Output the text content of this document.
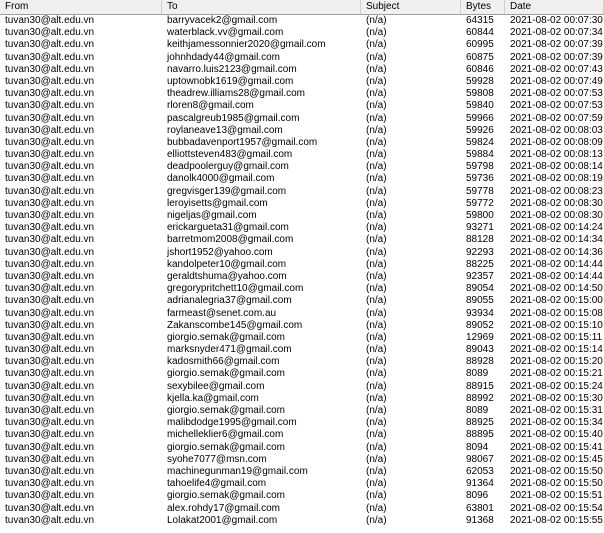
From	To	Subject	Bytes	Date
tuvan30@alt.edu.vn	barryvacek2@gmail.com	(n/a)	64315	2021-08-02 00:07:30
tuvan30@alt.edu.vn	waterblack.vv@gmail.com	(n/a)	60844	2021-08-02 00:07:34
tuvan30@alt.edu.vn	keithjamessonnier2020@gmail.com	(n/a)	60995	2021-08-02 00:07:39
tuvan30@alt.edu.vn	johnhdady44@gmail.com	(n/a)	60875	2021-08-02 00:07:39
tuvan30@alt.edu.vn	navarro.luis2123@gmail.com	(n/a)	60846	2021-08-02 00:07:43
tuvan30@alt.edu.vn	uptownobk1619@gmail.com	(n/a)	59928	2021-08-02 00:07:49
tuvan30@alt.edu.vn	theadrew.illiams28@gmail.com	(n/a)	59808	2021-08-02 00:07:53
tuvan30@alt.edu.vn	rloren8@gmail.com	(n/a)	59840	2021-08-02 00:07:53
tuvan30@alt.edu.vn	pascalgreub1985@gmail.com	(n/a)	59966	2021-08-02 00:07:59
tuvan30@alt.edu.vn	roylaneave13@gmail.com	(n/a)	59926	2021-08-02 00:08:03
tuvan30@alt.edu.vn	bubbadavenport1957@gmail.com	(n/a)	59824	2021-08-02 00:08:09
tuvan30@alt.edu.vn	elliottsteven483@gmail.com	(n/a)	59884	2021-08-02 00:08:13
tuvan30@alt.edu.vn	deadpoolerguy@gmail.com	(n/a)	59798	2021-08-02 00:08:14
tuvan30@alt.edu.vn	danolk4000@gmail.com	(n/a)	59736	2021-08-02 00:08:19
tuvan30@alt.edu.vn	gregvisger139@gmail.com	(n/a)	59778	2021-08-02 00:08:23
tuvan30@alt.edu.vn	leroyisetts@gmail.com	(n/a)	59772	2021-08-02 00:08:30
tuvan30@alt.edu.vn	nigeljas@gmail.com	(n/a)	59800	2021-08-02 00:08:30
tuvan30@alt.edu.vn	erickargueta31@gmail.com	(n/a)	93271	2021-08-02 00:14:24
tuvan30@alt.edu.vn	barretmom2008@gmail.com	(n/a)	88128	2021-08-02 00:14:34
tuvan30@alt.edu.vn	jshort1952@yahoo.com	(n/a)	92293	2021-08-02 00:14:36
tuvan30@alt.edu.vn	kandolpeter10@gmail.com	(n/a)	88225	2021-08-02 00:14:44
tuvan30@alt.edu.vn	geraldtshuma@yahoo.com	(n/a)	92357	2021-08-02 00:14:44
tuvan30@alt.edu.vn	gregorypritchett10@gmail.com	(n/a)	89054	2021-08-02 00:14:50
tuvan30@alt.edu.vn	adrianalegria37@gmail.com	(n/a)	89055	2021-08-02 00:15:00
tuvan30@alt.edu.vn	farmeast@senet.com.au	(n/a)	93934	2021-08-02 00:15:08
tuvan30@alt.edu.vn	Zakanscombe145@gmail.com	(n/a)	89052	2021-08-02 00:15:10
tuvan30@alt.edu.vn	giorgio.semak@gmail.com	(n/a)	12969	2021-08-02 00:15:11
tuvan30@alt.edu.vn	marksnyder471@gmail.com	(n/a)	89043	2021-08-02 00:15:14
tuvan30@alt.edu.vn	kadosmith66@gmail.com	(n/a)	88928	2021-08-02 00:15:20
tuvan30@alt.edu.vn	giorgio.semak@gmail.com	(n/a)	8089	2021-08-02 00:15:21
tuvan30@alt.edu.vn	sexybilee@gmail.com	(n/a)	88915	2021-08-02 00:15:24
tuvan30@alt.edu.vn	kjella.ka@gmail.com	(n/a)	88992	2021-08-02 00:15:30
tuvan30@alt.edu.vn	giorgio.semak@gmail.com	(n/a)	8089	2021-08-02 00:15:31
tuvan30@alt.edu.vn	malibdodge1995@gmail.com	(n/a)	88925	2021-08-02 00:15:34
tuvan30@alt.edu.vn	michelleklier6@gmail.com	(n/a)	88895	2021-08-02 00:15:40
tuvan30@alt.edu.vn	giorgio.semak@gmail.com	(n/a)	8094	2021-08-02 00:15:41
tuvan30@alt.edu.vn	syohe7077@msn.com	(n/a)	98067	2021-08-02 00:15:45
tuvan30@alt.edu.vn	machinegunman19@gmail.com	(n/a)	62053	2021-08-02 00:15:50
tuvan30@alt.edu.vn	tahoelife4@gmail.com	(n/a)	91364	2021-08-02 00:15:50
tuvan30@alt.edu.vn	giorgio.semak@gmail.com	(n/a)	8096	2021-08-02 00:15:51
tuvan30@alt.edu.vn	alex.rohdy17@gmail.com	(n/a)	63801	2021-08-02 00:15:54
tuvan30@alt.edu.vn	Lolakat2001@gmail.com	(n/a)	91368	2021-08-02 00:15:55
